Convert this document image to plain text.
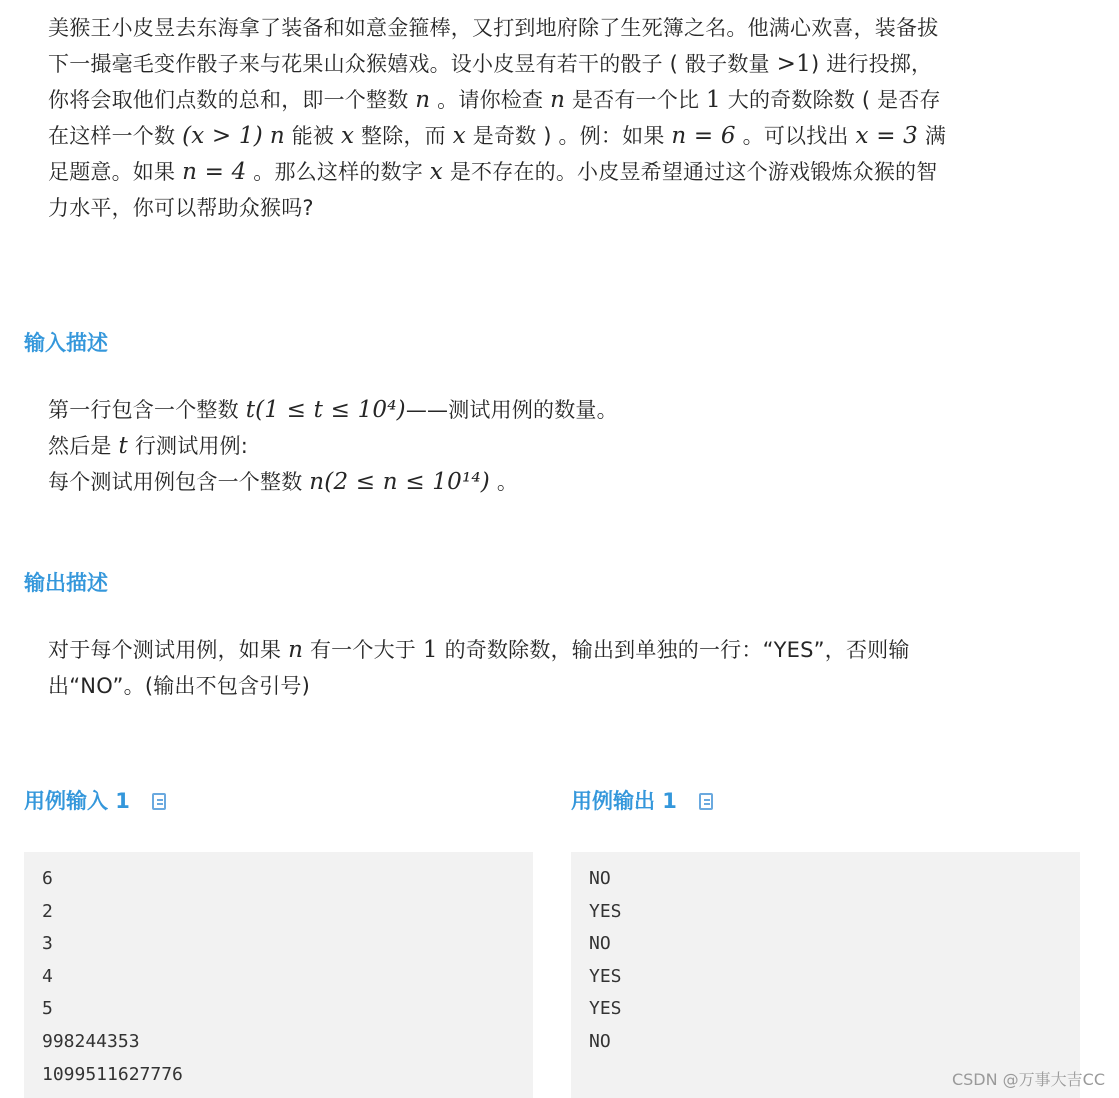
美猴王小皮昱去东海拿了装备和如意金箍棒，又打到地府除了生死簿之名。他满心欢喜，装备拔
下一撮毫毛变作骰子来与花果山众猴嬉戏。设小皮昱有若干的骰子 ( 骰子数量 >1) 进行投掷，
你将会取他们点数的总和，即一个整数 n 。请你检查 n 是否有一个比 1 大的奇数除数 ( 是否存
在这样一个数 (x > 1) n 能被 x 整除，而 x 是奇数 ) 。例：如果 n = 6 。可以找出 x = 3 满
足题意。如果 n = 4 。那么这样的数字 x 是不存在的。小皮昱希望通过这个游戏锻炼众猴的智
力水平，你可以帮助众猴吗?
输入描述
第一行包含一个整数 t(1 ≤ t ≤ 10⁴)——测试用例的数量。
然后是 t 行测试用例:
每个测试用例包含一个整数 n(2 ≤ n ≤ 10¹⁴) 。
输出描述
对于每个测试用例，如果 n 有一个大于 1 的奇数除数，输出到单独的一行：“YES”，否则输
出“NO”。(输出不包含引号)
用例输入 1	用例输出 1
6
2
3
4
5
998244353
1099511627776
NO
YES
NO
YES
YES
NO
CSDN @万事大吉CC
